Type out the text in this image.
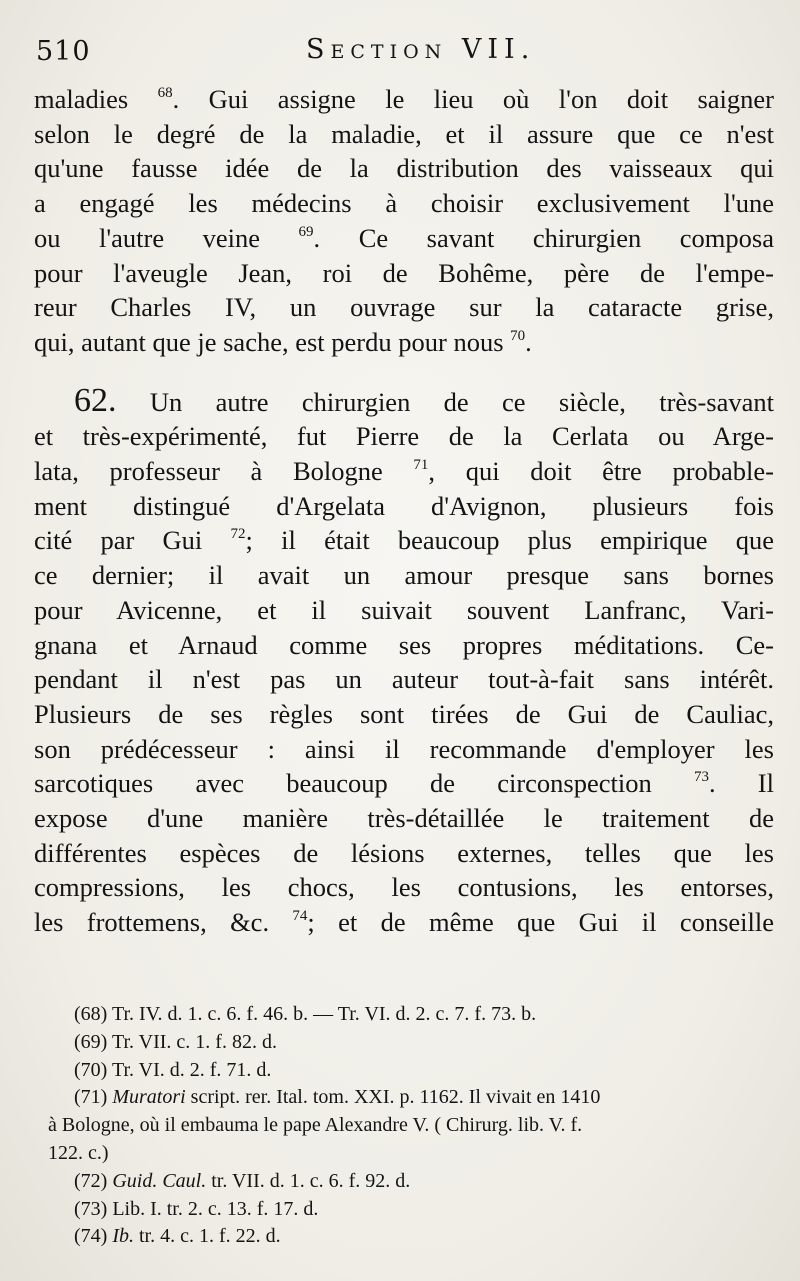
510	Section VII.
maladies $^{68}$. Gui assigne le lieu où l'on doit saigner
selon le degré de la maladie, et il assure que ce n'est
qu'une fausse idée de la distribution des vaisseaux qui
a engagé les médecins à choisir exclusivement l'une
ou l'autre veine $^{69}$. Ce savant chirurgien composa
pour l'aveugle Jean, roi de Bohême, père de l'empe-
reur Charles IV, un ouvrage sur la cataracte grise,
qui, autant que je sache, est perdu pour nous $^{70}$.
62. Un autre chirurgien de ce siècle, très-savant
et très-expérimenté, fut Pierre de la Cerlata ou Arge-
lata, professeur à Bologne $^{71}$, qui doit être probable-
ment distingué d'Argelata d'Avignon, plusieurs fois
cité par Gui $^{72}$; il était beaucoup plus empirique que
ce dernier; il avait un amour presque sans bornes
pour Avicenne, et il suivait souvent Lanfranc, Vari-
gnana et Arnaud comme ses propres méditations. Ce-
pendant il n'est pas un auteur tout-à-fait sans intérêt.
Plusieurs de ses règles sont tirées de Gui de Cauliac,
son prédécesseur : ainsi il recommande d'employer les
sarcotiques avec beaucoup de circonspection $^{73}$. Il
expose d'une manière très-détaillée le traitement de
différentes espèces de lésions externes, telles que les
compressions, les chocs, les contusions, les entorses,
les frottemens, &c. $^{74}$; et de même que Gui il conseille
(68) Tr. IV. d. 1. c. 6. f. 46. b. — Tr. VI. d. 2. c. 7. f. 73. b.
(69) Tr. VII. c. 1. f. 82. d.
(70) Tr. VI. d. 2. f. 71. d.
(71) Muratori script. rer. Ital. tom. XXI. p. 1162. Il vivait en 1410
à Bologne, où il embauma le pape Alexandre V. ( Chirurg. lib. V. f.
122. c.)
(72) Guid. Caul. tr. VII. d. 1. c. 6. f. 92. d.
(73) Lib. I. tr. 2. c. 13. f. 17. d.
(74) Ib. tr. 4. c. 1. f. 22. d.
